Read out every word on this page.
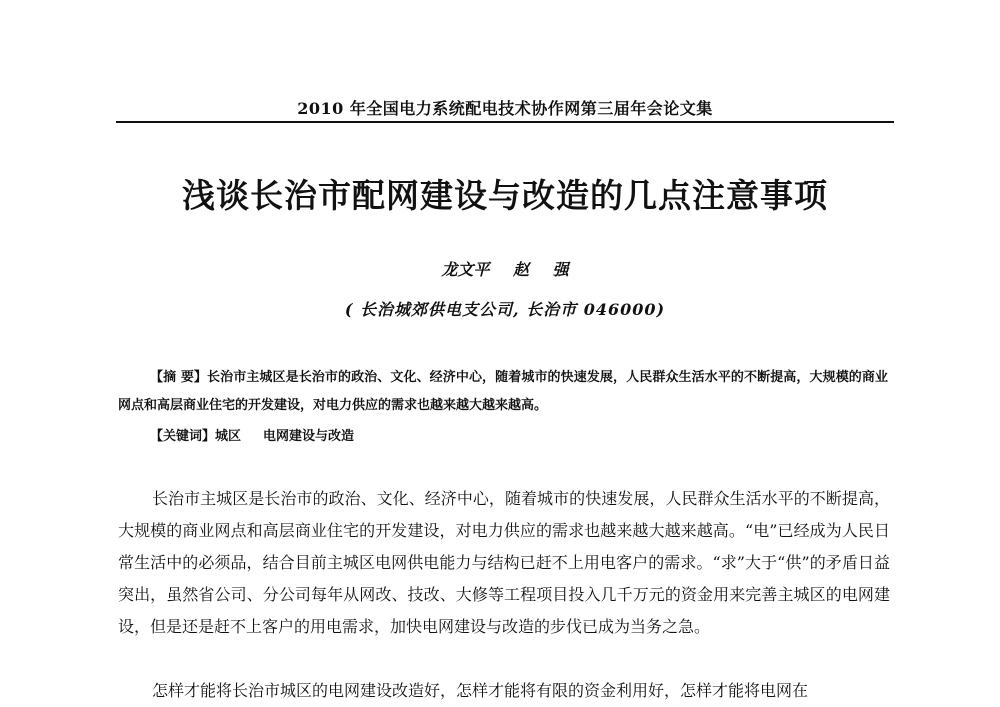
2010 年全国电力系统配电技术协作网第三届年会论文集
浅谈长治市配网建设与改造的几点注意事项
龙文平 赵 强
( 长治城郊供电支公司, 长治市 046000)

【摘 要】长治市主城区是长治市的政治、文化、经济中心，随着城市的快速发展，人民群众生活水平的不断提高，大规模的商业网点和高层商业住宅的开发建设，对电力供应的需求也越来越大越来越高。

【关键词】城区 电网建设与改造

长治市主城区是长治市的政治、文化、经济中心，随着城市的快速发展，人民群众生活水平的不断提高，大规模的商业网点和高层商业住宅的开发建设，对电力供应的需求也越来越大越来越高。“电”已经成为人民日常生活中的必须品，结合目前主城区电网供电能力与结构已赶不上用电客户的需求。“求”大于“供”的矛盾日益突出，虽然省公司、分公司每年从网改、技改、大修等工程项目投入几千万元的资金用来完善主城区的电网建设，但是还是赶不上客户的用电需求，加快电网建设与改造的步伐已成为当务之急。

怎样才能将长治市城区的电网建设改造好，怎样才能将有限的资金利用好，怎样才能将电网在
